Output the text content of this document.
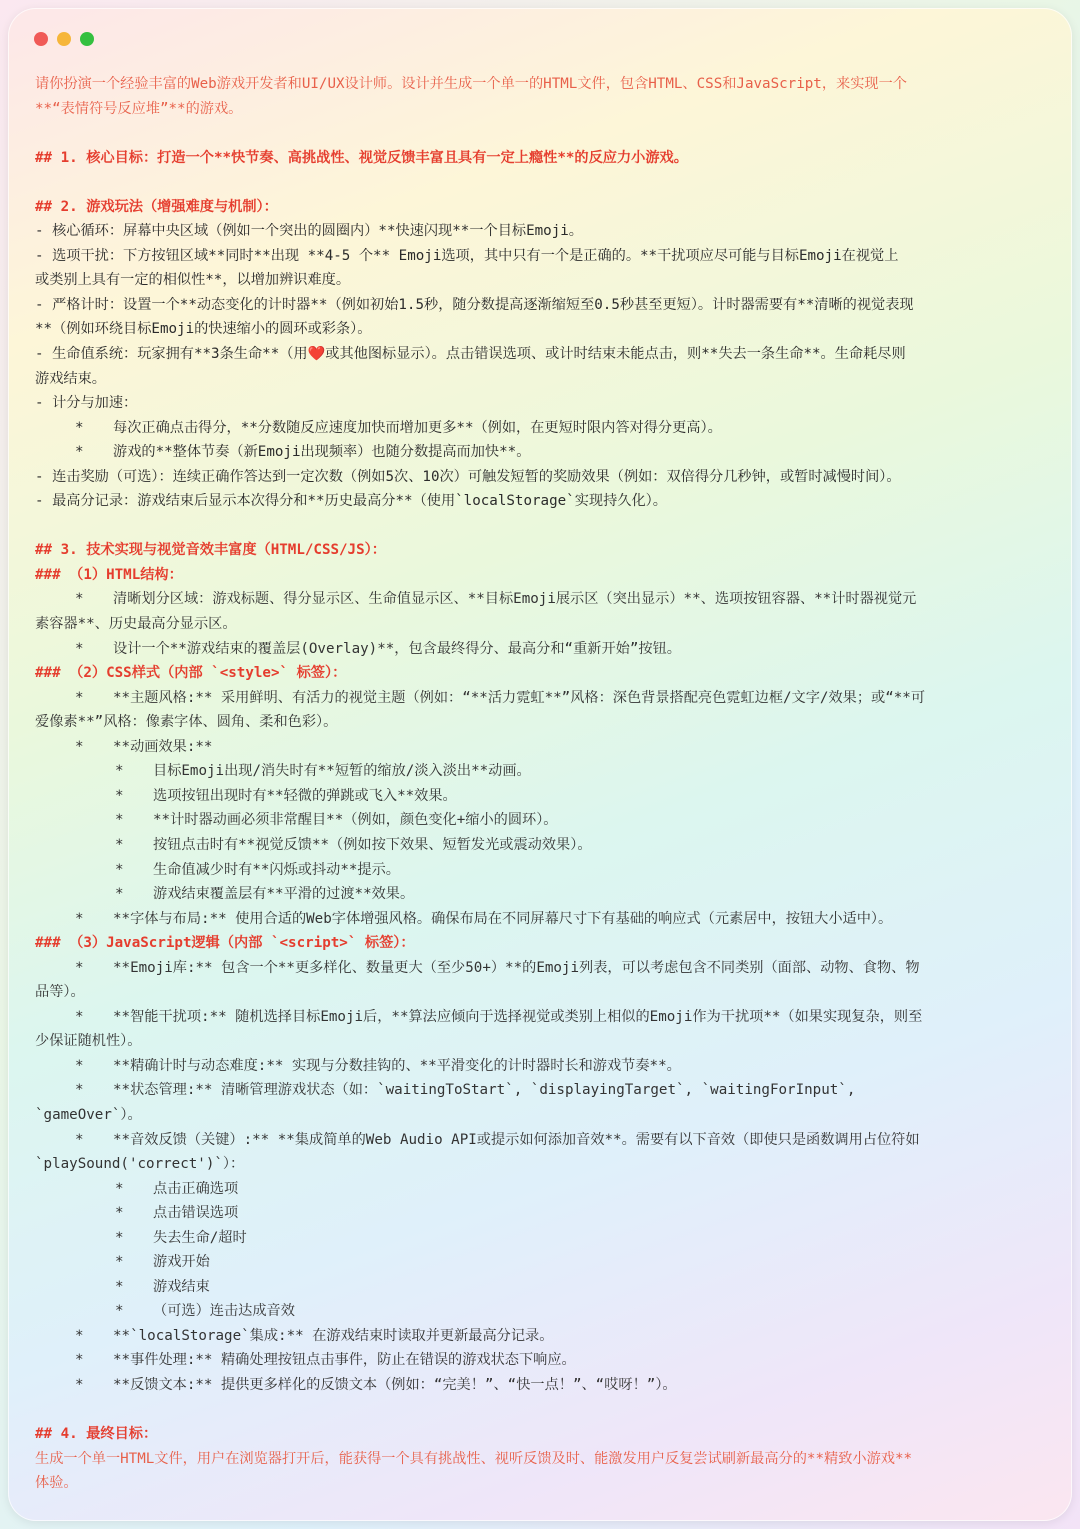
请你扮演一个经验丰富的Web游戏开发者和UI/UX设计师。设计并生成一个单一的HTML文件，包含HTML、CSS和JavaScript，来实现一个
**“表情符号反应堆”**的游戏。
## 1. 核心目标：打造一个**快节奏、高挑战性、视觉反馈丰富且具有一定上瘾性**的反应力小游戏。
## 2. 游戏玩法（增强难度与机制）：
- 核心循环：屏幕中央区域（例如一个突出的圆圈内）**快速闪现**一个目标Emoji。
- 选项干扰：下方按钮区域**同时**出现 **4-5 个** Emoji选项，其中只有一个是正确的。**干扰项应尽可能与目标Emoji在视觉上
或类别上具有一定的相似性**，以增加辨识难度。
- 严格计时：设置一个**动态变化的计时器**（例如初始1.5秒，随分数提高逐渐缩短至0.5秒甚至更短）。计时器需要有**清晰的视觉表现
**（例如环绕目标Emoji的快速缩小的圆环或彩条）。
- 生命值系统：玩家拥有**3条生命**（用❤️或其他图标显示）。点击错误选项、或计时结束未能点击，则**失去一条生命**。生命耗尽则
游戏结束。
- 计分与加速：
* 每次正确点击得分，**分数随反应速度加快而增加更多**（例如，在更短时限内答对得分更高）。
* 游戏的**整体节奏（新Emoji出现频率）也随分数提高而加快**。
- 连击奖励（可选）：连续正确作答达到一定次数（例如5次、10次）可触发短暂的奖励效果（例如：双倍得分几秒钟，或暂时减慢时间）。
- 最高分记录：游戏结束后显示本次得分和**历史最高分**（使用`localStorage`实现持久化）。
## 3. 技术实现与视觉音效丰富度（HTML/CSS/JS）：
### （1）HTML结构：
* 清晰划分区域：游戏标题、得分显示区、生命值显示区、**目标Emoji展示区（突出显示）**、选项按钮容器、**计时器视觉元
素容器**、历史最高分显示区。
* 设计一个**游戏结束的覆盖层(Overlay)**，包含最终得分、最高分和“重新开始”按钮。
### （2）CSS样式（内部 `<style>` 标签）：
* **主题风格:** 采用鲜明、有活力的视觉主题（例如：“**活力霓虹**”风格：深色背景搭配亮色霓虹边框/文字/效果；或“**可
爱像素**”风格：像素字体、圆角、柔和色彩）。
* **动画效果:**
* 目标Emoji出现/消失时有**短暂的缩放/淡入淡出**动画。
* 选项按钮出现时有**轻微的弹跳或飞入**效果。
* **计时器动画必须非常醒目**（例如，颜色变化+缩小的圆环）。
* 按钮点击时有**视觉反馈**（例如按下效果、短暂发光或震动效果）。
* 生命值减少时有**闪烁或抖动**提示。
* 游戏结束覆盖层有**平滑的过渡**效果。
* **字体与布局:** 使用合适的Web字体增强风格。确保布局在不同屏幕尺寸下有基础的响应式（元素居中，按钮大小适中）。
### （3）JavaScript逻辑（内部 `<script>` 标签）：
* **Emoji库:** 包含一个**更多样化、数量更大（至少50+）**的Emoji列表，可以考虑包含不同类别（面部、动物、食物、物
品等）。
* **智能干扰项:** 随机选择目标Emoji后，**算法应倾向于选择视觉或类别上相似的Emoji作为干扰项**（如果实现复杂，则至
少保证随机性）。
* **精确计时与动态难度:** 实现与分数挂钩的、**平滑变化的计时器时长和游戏节奏**。
* **状态管理:** 清晰管理游戏状态（如：`waitingToStart`, `displayingTarget`, `waitingForInput`,
`gameOver`）。
* **音效反馈（关键）:** **集成简单的Web Audio API或提示如何添加音效**。需要有以下音效（即使只是函数调用占位符如
`playSound('correct')`）：
* 点击正确选项
* 点击错误选项
* 失去生命/超时
* 游戏开始
* 游戏结束
* （可选）连击达成音效
* **`localStorage`集成:** 在游戏结束时读取并更新最高分记录。
* **事件处理:** 精确处理按钮点击事件，防止在错误的游戏状态下响应。
* **反馈文本:** 提供更多样化的反馈文本（例如：“完美！”、“快一点！”、“哎呀！”）。
## 4. 最终目标：
生成一个单一HTML文件，用户在浏览器打开后，能获得一个具有挑战性、视听反馈及时、能激发用户反复尝试刷新最高分的**精致小游戏**
体验。
